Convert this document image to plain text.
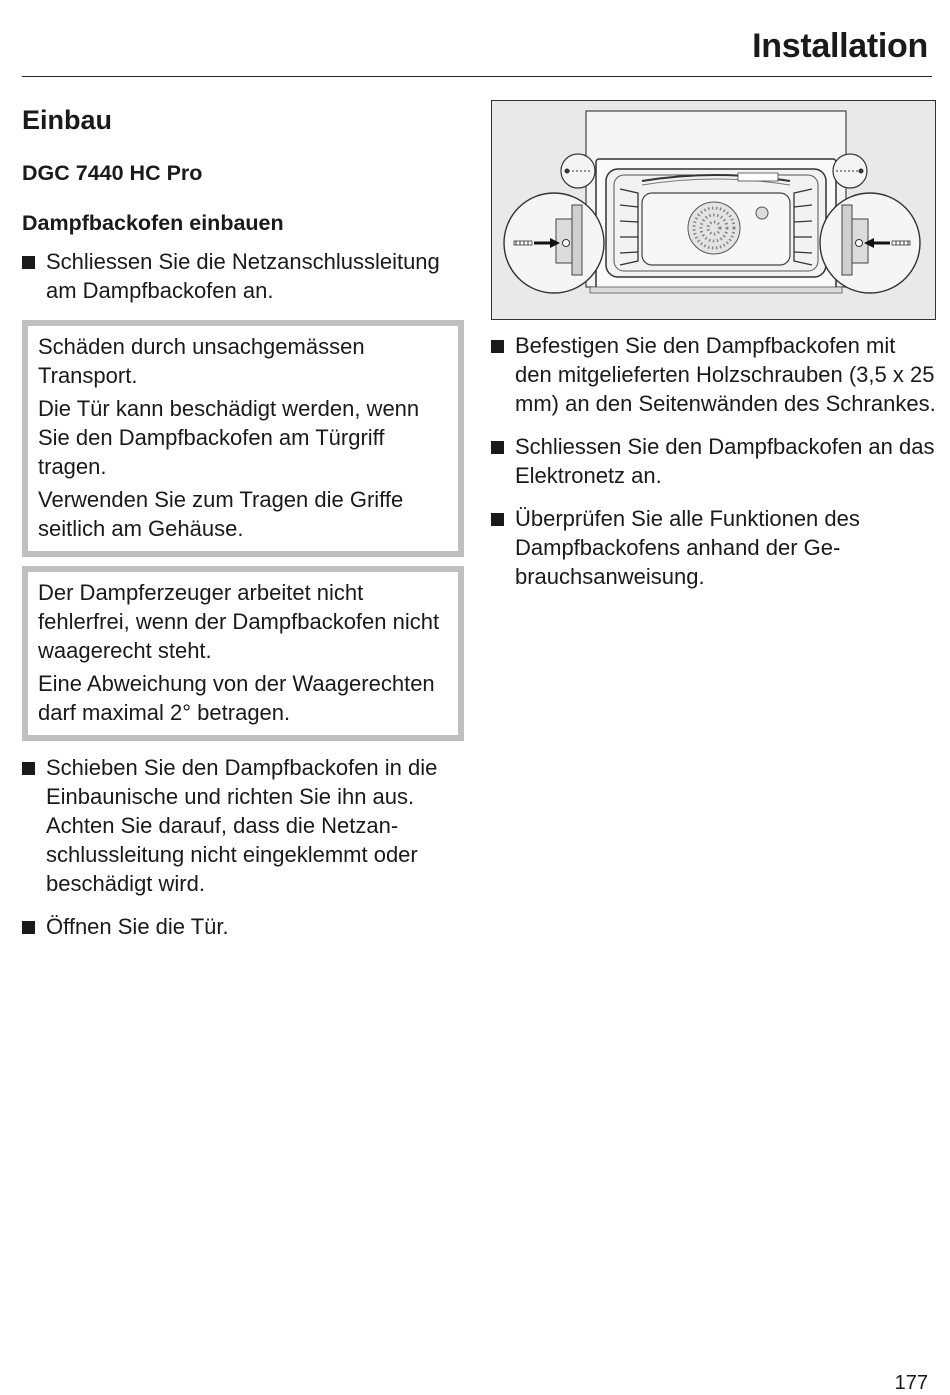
Installation
Einbau
DGC 7440 HC Pro
Dampfbackofen einbauen
Schliessen Sie die Netzanschlussleitung am Dampfbackofen an.

Schäden durch unsachgemässen Transport.

Die Tür kann beschädigt werden, wenn Sie den Dampfbackofen am Türgriff tragen.

Verwenden Sie zum Tragen die Griffe seitlich am Gehäuse.

Der Dampferzeuger arbeitet nicht fehlerfrei, wenn der Dampfbackofen nicht waagerecht steht.

Eine Abweichung von der Waagerechten darf maximal 2° betragen.

Schieben Sie den Dampfbackofen in die Einbaunische und richten Sie ihn aus.
Achten Sie darauf, dass die Netzanschlussleitung nicht eingeklemmt oder beschädigt wird.
Öffnen Sie die Tür.
Befestigen Sie den Dampfbackofen mit den mitgelieferten Holzschrauben (3,5 x 25 mm) an den Seitenwänden des Schrankes.
Schliessen Sie den Dampfbackofen an das Elektronetz an.
Überprüfen Sie alle Funktionen des Dampfbackofens anhand der Gebrauchsanweisung.
177
